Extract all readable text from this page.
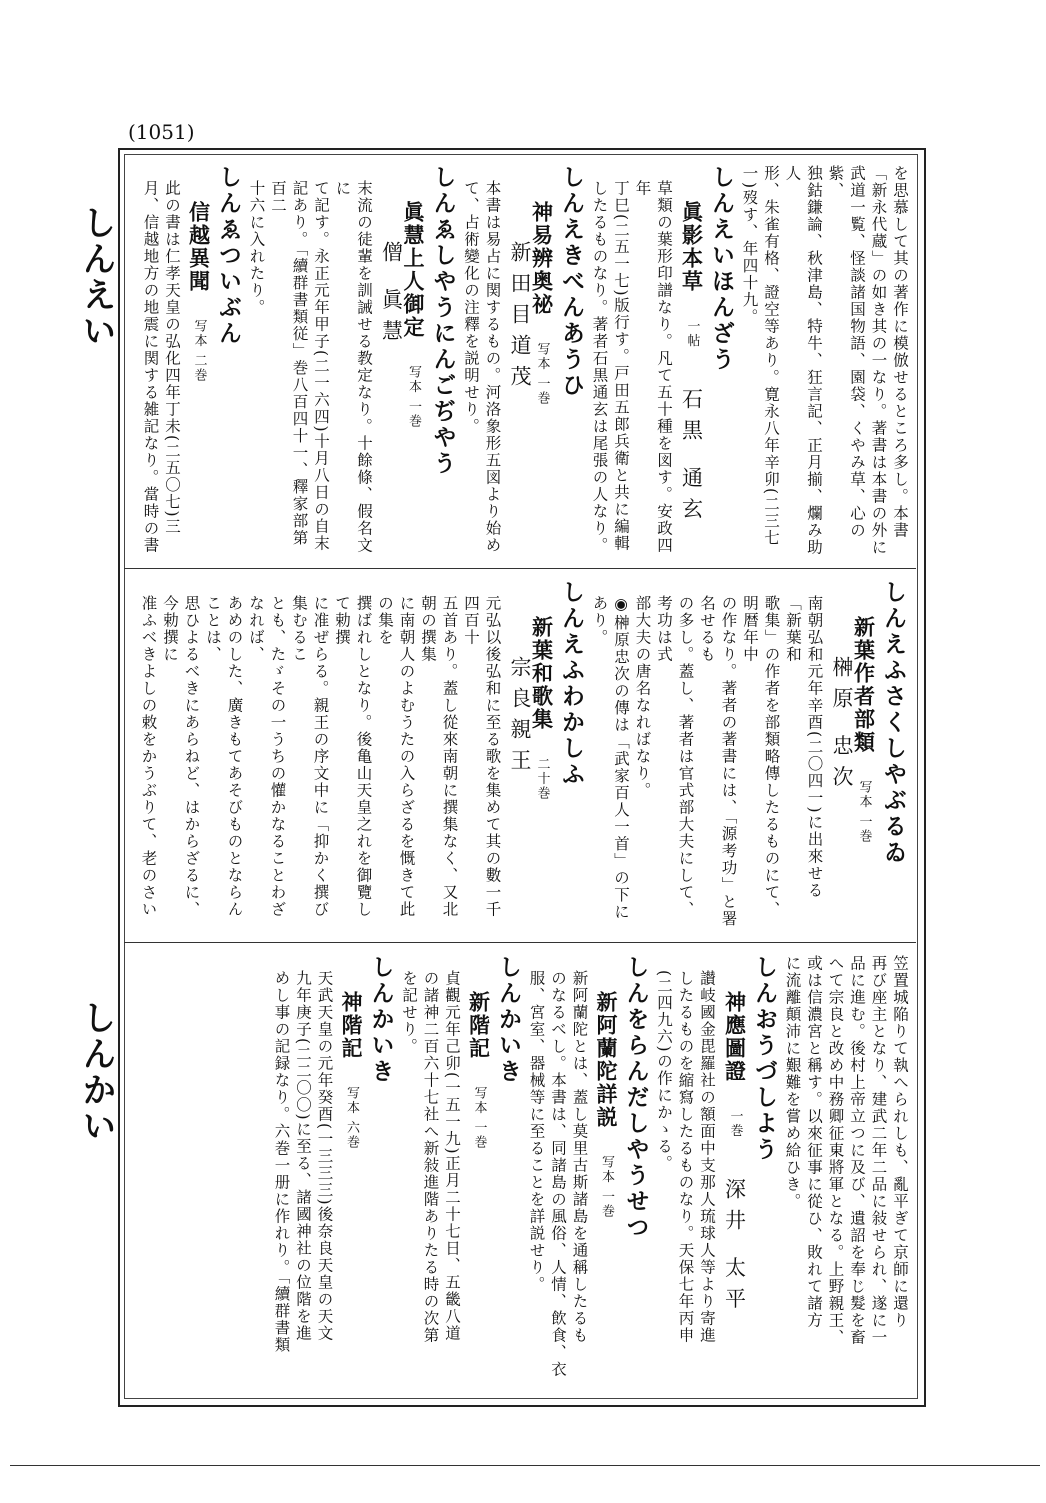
(1051)
しんえい
しんかい
を思慕して其の著作に模倣せるところ多し。本書
「新永代蔵」の如き其の一なり。著書は本書の外に
武道一覧、怪談諸国物語、園袋、くやみ草、心の紫、
独鈷鎌論、秋津島、特牛、狂言記、正月揃、爛み助人
形、朱雀有格、證空等あり。寛永八年辛卯(二三七
一)歿す、年四十九。
しんえいほんざう
眞影本草一帖石黒 通玄
草類の葉形印譜なり。凡て五十種を図す。安政四年
丁巳(二五一七)版行す。戸田五郎兵衛と共に編輯
したるものなり。著者石黒通玄は尾張の人なり。
しんえきべんあうひ
神易辨奥祕写本 一巻新田目道茂
本書は易占に関するもの。河洛象形五図より始め
て、占術變化の注釋を説明せり。
しんゑしやうにんごぢやう
眞慧上人御定写本 一巻僧 眞慧
末流の徒輩を訓誡せる教定なり。十餘條、假名文に
て記す。永正元年甲子(二一六四)十月八日の自末
記あり。「續群書類従」巻八百四十一、釋家部第百二
十六に入れたり。
しんゑついぶん
信越異聞写本 二巻
此の書は仁孝天皇の弘化四年丁未(二五〇七)三
月、信越地方の地震に関する雑記なり。當時の書
しんえふさくしやぶるゐ
新葉作者部類写本 一巻榊原 忠次
南朝弘和元年辛酉(二〇四一)に出來せる「新葉和
歌集」の作者を部類略傳したるものにて、明暦年中
の作なり。著者の著書には、「源考功」と署名せるも
の多し。蓋し、著者は官式部大夫にして、考功は式
部大夫の唐名なればなり。
◉榊原忠次の傳は「武家百人一首」の下にあり。
しんえふわかしふ
新葉和歌集二十巻宗良親王
元弘以後弘和に至る歌を集めて其の數一千四百十
五首あり。蓋し從來南朝に撰集なく、又北朝の撰集
に南朝人のよむうたの入らざるを慨きて此の集を
撰ばれしとなり。後亀山天皇之れを御覽して勅撰
に准ぜらる。親王の序文中に「抑かく撰び集むるこ
とも、たゞその一うちの懽かなることわざなれば、
あめのした、廣きもてあそびものとならんことは、
思ひよるべきにあらねど、はからざるに、今勅撰に
准ふべきよしの敕をかうぶりて、老のさい
笠置城陥りて執へられしも、亂平ぎて京師に還り
再び座主となり、建武二年二品に敍せられ、遂に一
品に進む。後村上帝立つに及び、遺詔を奉じ髮を畜
へて宗良と改め中務卿征東將軍となる。上野親王、
或は信濃宮と稱す。以來征事に從ひ、敗れて諸方
に流離顛沛に艱難を嘗め給ひき。
しんおうづしよう
神應圖證一巻深井 太平
讃岐國金毘羅社の額面中支那人琉球人等より寄進
したるものを縮寫したるものなり。天保七年丙申
(二四九六)の作にかゝる。
しんをらんだしやうせつ
新阿蘭陀詳説写本 一巻
新阿蘭陀とは、蓋し莫里古斯諸島を通稱したるも
のなるべし。本書は、同諸島の風俗、人情、飲食、衣
服、宮室、器械等に至ることを詳説せり。
しんかいき
新階記写本 一巻
貞觀元年己卯(一五一九)正月二十七日、五畿八道
の諸神二百六十七社へ新敍進階ありたる時の次第
を記せり。
しんかいき
神階記写本 六巻
天武天皇の元年癸酉(一三三三)後奈良天皇の天文
九年庚子(二二〇〇)に至る、諸國神社の位階を進
めし事の記録なり。六巻一册に作れり。「續群書類
